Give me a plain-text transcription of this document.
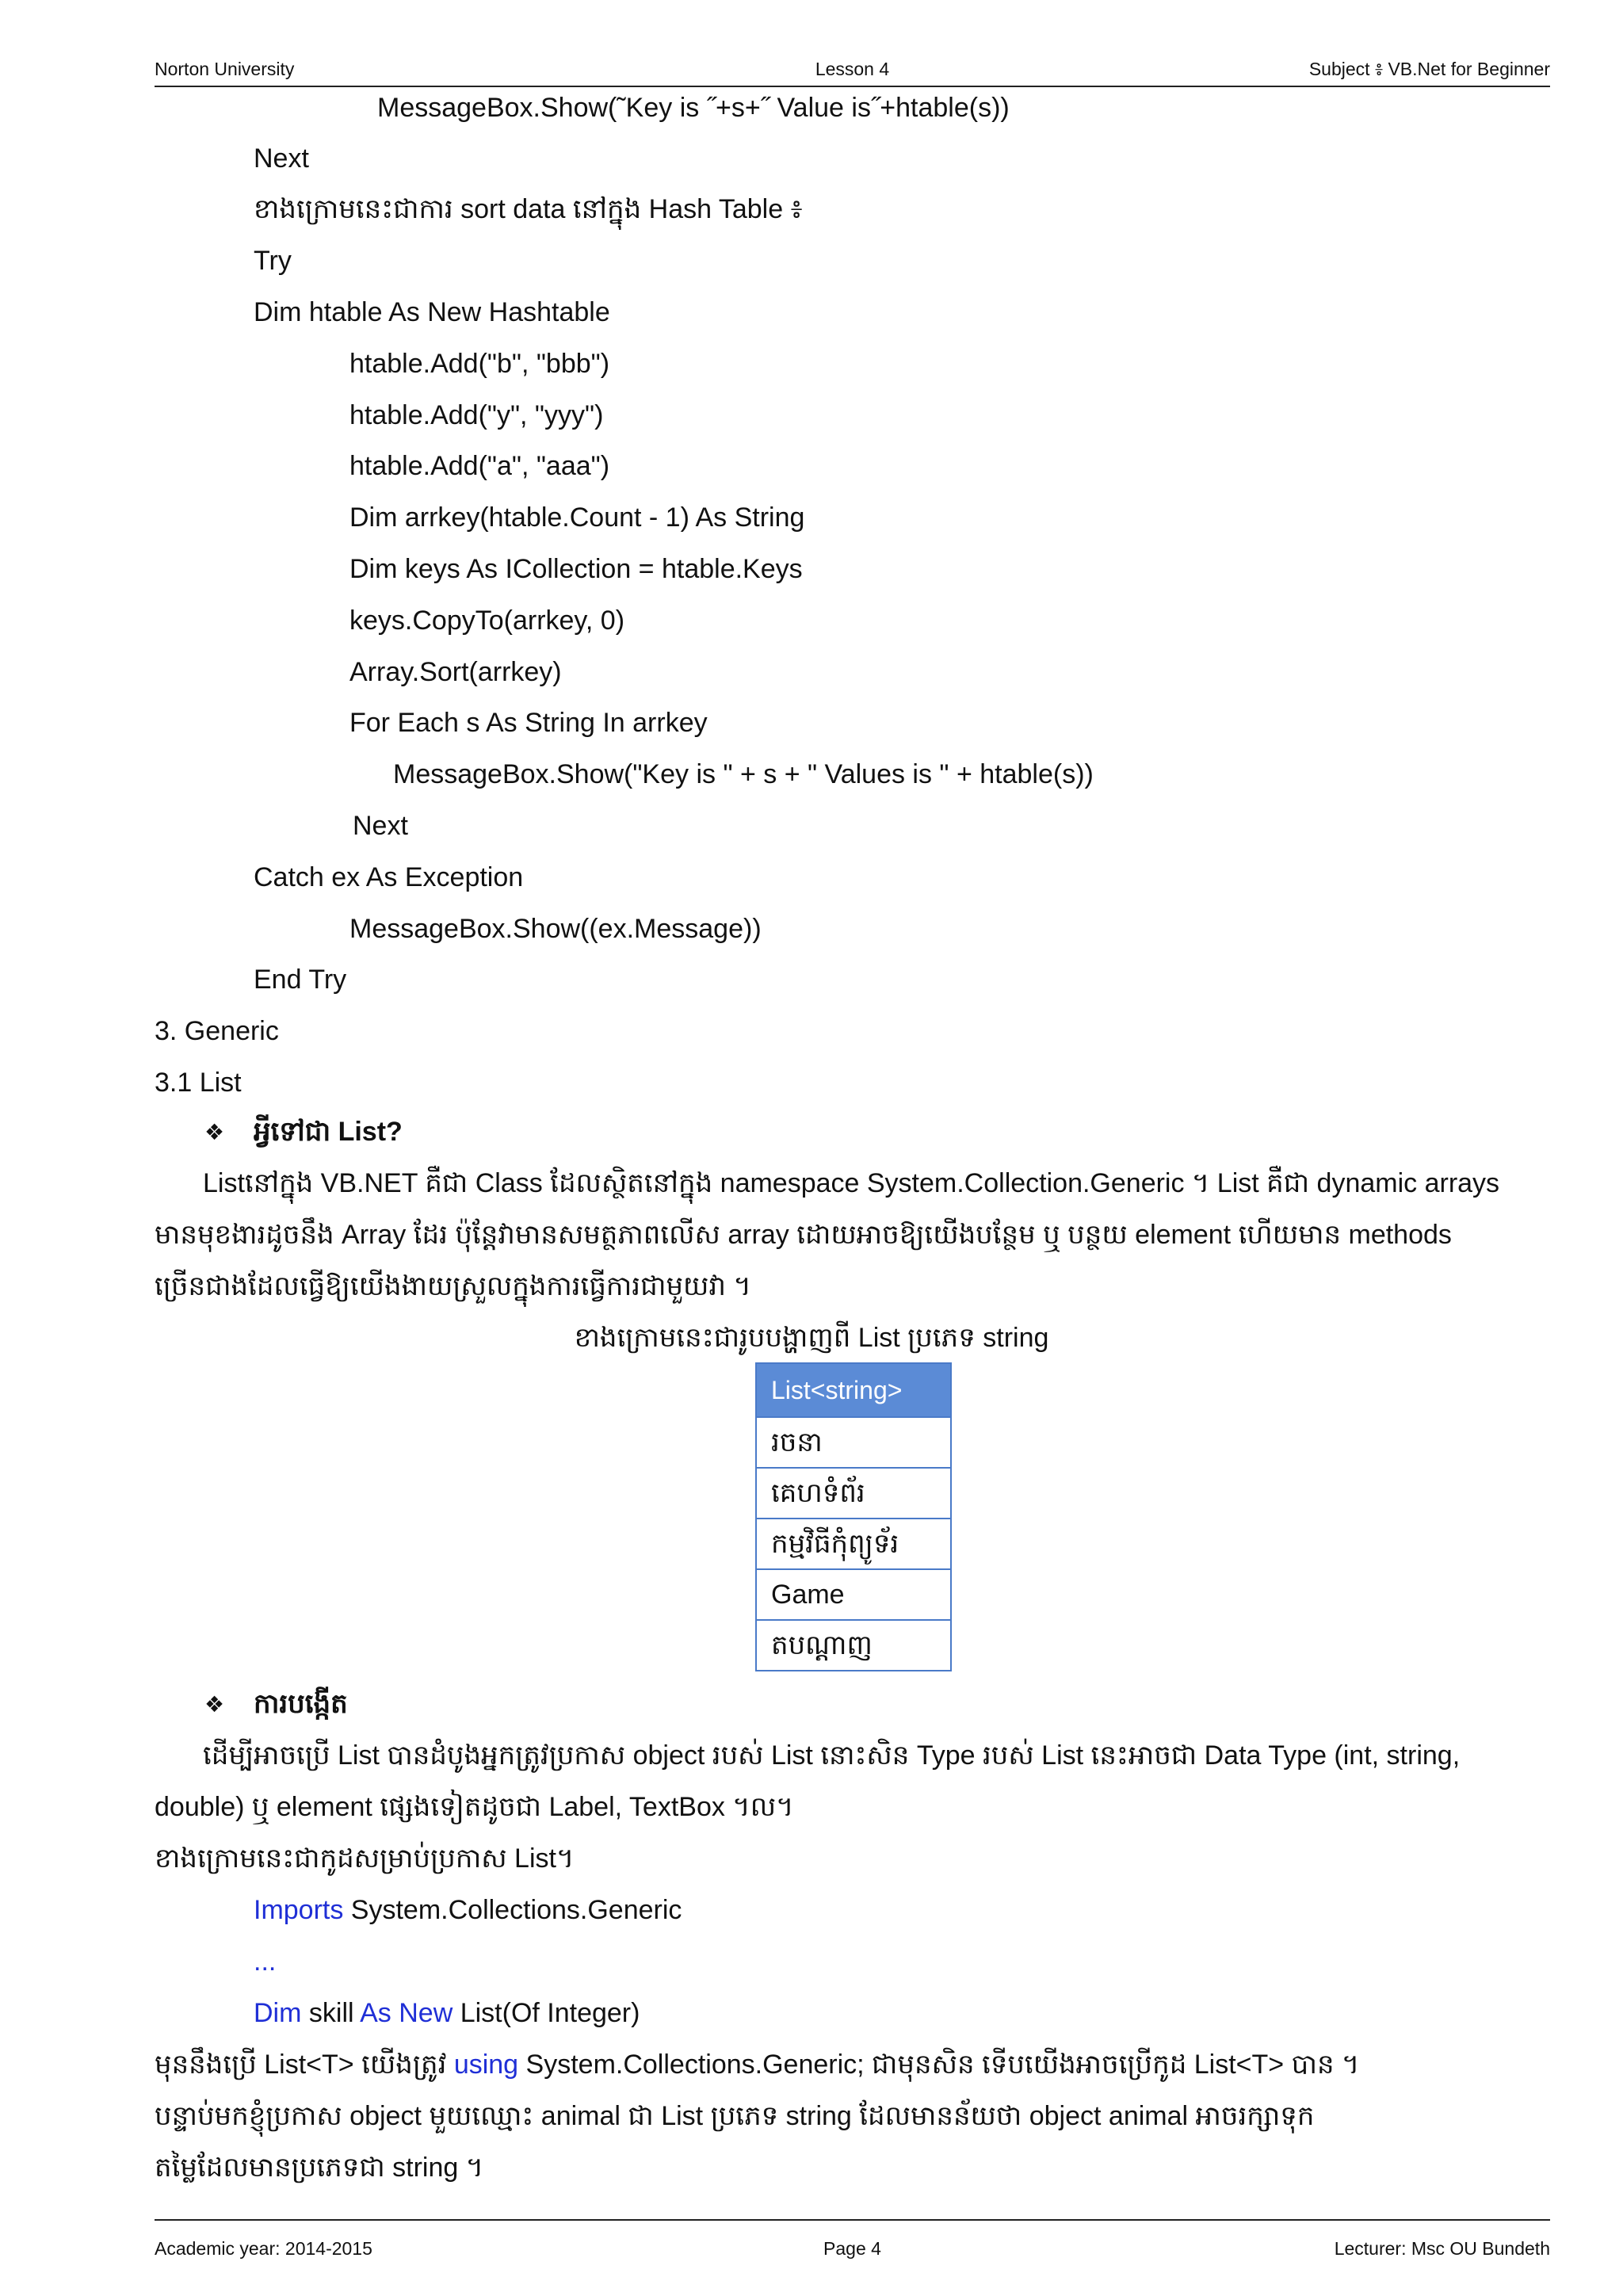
Norton University	Lesson 4	Subject ៖ VB.Net for Beginner
MessageBox.Show(˜Key is ˝+s+˝ Value is˝+htable(s))
Next
ខាងក្រោមនេះជាការ sort data នៅក្នុង Hash Table ៖
Try
Dim htable As New Hashtable
htable.Add("b", "bbb")
htable.Add("y", "yyy")
htable.Add("a", "aaa")
Dim arrkey(htable.Count - 1) As String
Dim keys As ICollection = htable.Keys
keys.CopyTo(arrkey, 0)
Array.Sort(arrkey)
For Each s As String In arrkey
MessageBox.Show("Key is " + s + " Values is " + htable(s))
Next
Catch ex As Exception
MessageBox.Show((ex.Message))
End Try
3. Generic
3.1 List
❖ អ្វីទៅជា List?
Listនៅក្នុង VB.NET គឺជា Class ដែលស្ថិតនៅក្នុង namespace System.Collection.Generic ។ List គឺជា dynamic arrays
មានមុខងារដូចនឹង Array ដែរ ប៉ុន្តែវាមានសមត្ថភាពលើស array ដោយអាចឱ្យយើងបន្ថែម ឬ បន្ថយ element ហើយមាន methods
ច្រើនជាងដែលធ្វើឱ្យយើងងាយស្រួលក្នុងការធ្វើការជាមួយវា ។
ខាងក្រោមនេះជារូបបង្ហាញពី List ប្រភេទ string
List<string>
រចនា
គេហទំព័រ
កម្មវិធីកុំព្យូទ័រ
Game
តបណ្តាញ
❖ ការបង្កើត
ដើម្បីអាចប្រើ List បានដំបូងអ្នកត្រូវប្រកាស object របស់ List នោះសិន Type របស់ List នេះអាចជា Data Type (int, string,
double) ឬ element ផ្សេងទៀតដូចជា Label, TextBox ។ល។
ខាងក្រោមនេះជាកូដសម្រាប់ប្រកាស List។
Imports System.Collections.Generic
...
Dim skill As New List(Of Integer)
មុននឹងប្រើ List<T> យើងត្រូវ using System.Collections.Generic; ជាមុនសិន ទើបយើងអាចប្រើកូដ List<T> បាន ។
បន្ទាប់មកខ្ញុំប្រកាស object មួយឈ្មោះ animal ជា List ប្រភេទ string ដែលមានន័យថា object animal អាចរក្សាទុក
តម្លៃដែលមានប្រភេទជា string ។
Academic year: 2014-2015	Page 4	Lecturer: Msc OU Bundeth
